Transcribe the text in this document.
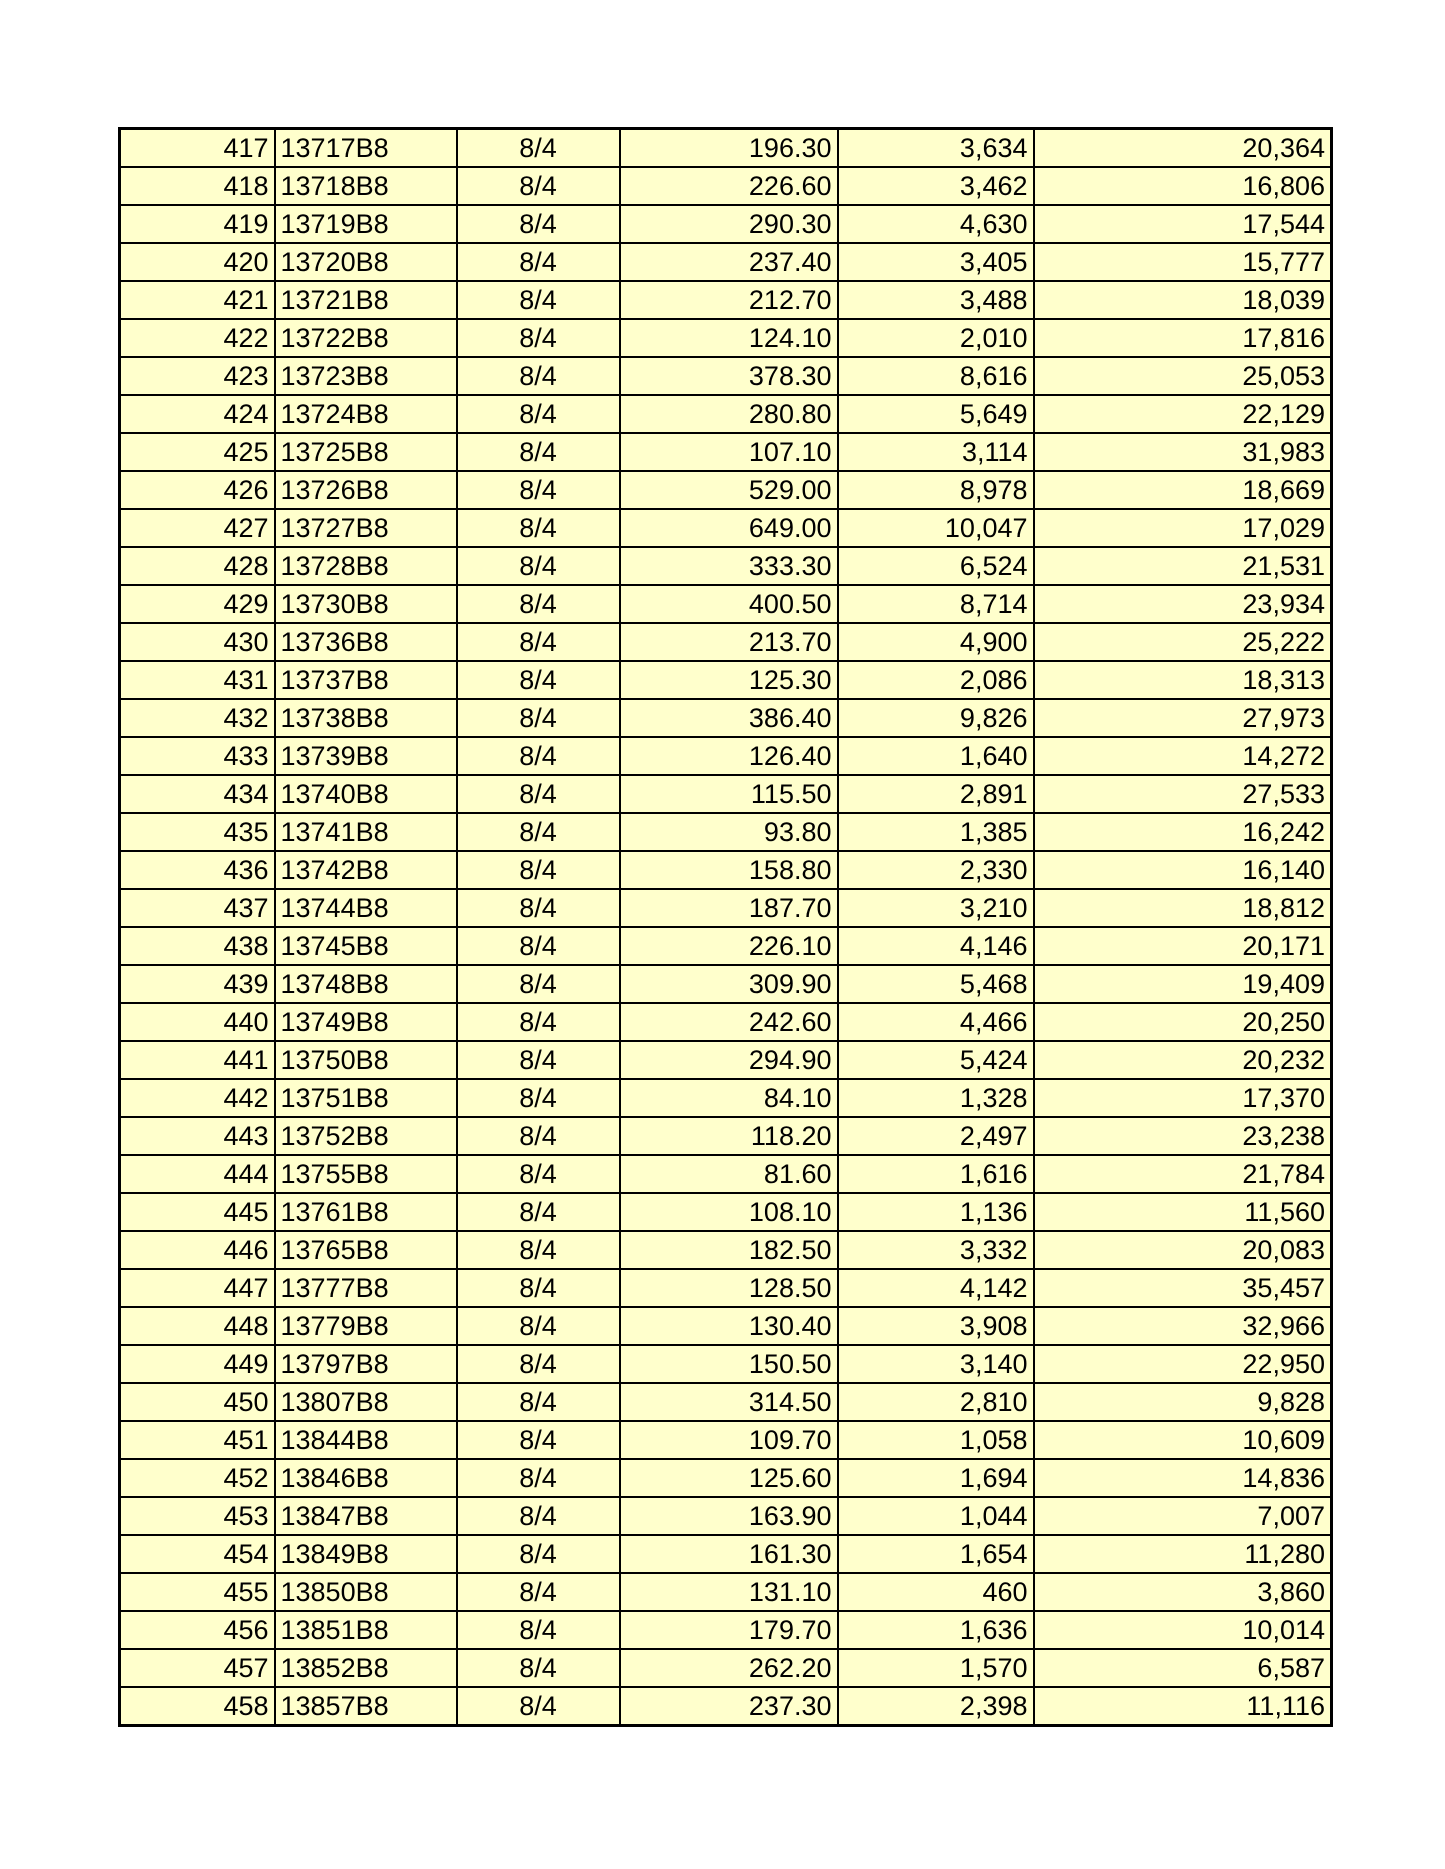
417	13717B8	8/4	196.30	3,634	20,364
418	13718B8	8/4	226.60	3,462	16,806
419	13719B8	8/4	290.30	4,630	17,544
420	13720B8	8/4	237.40	3,405	15,777
421	13721B8	8/4	212.70	3,488	18,039
422	13722B8	8/4	124.10	2,010	17,816
423	13723B8	8/4	378.30	8,616	25,053
424	13724B8	8/4	280.80	5,649	22,129
425	13725B8	8/4	107.10	3,114	31,983
426	13726B8	8/4	529.00	8,978	18,669
427	13727B8	8/4	649.00	10,047	17,029
428	13728B8	8/4	333.30	6,524	21,531
429	13730B8	8/4	400.50	8,714	23,934
430	13736B8	8/4	213.70	4,900	25,222
431	13737B8	8/4	125.30	2,086	18,313
432	13738B8	8/4	386.40	9,826	27,973
433	13739B8	8/4	126.40	1,640	14,272
434	13740B8	8/4	115.50	2,891	27,533
435	13741B8	8/4	93.80	1,385	16,242
436	13742B8	8/4	158.80	2,330	16,140
437	13744B8	8/4	187.70	3,210	18,812
438	13745B8	8/4	226.10	4,146	20,171
439	13748B8	8/4	309.90	5,468	19,409
440	13749B8	8/4	242.60	4,466	20,250
441	13750B8	8/4	294.90	5,424	20,232
442	13751B8	8/4	84.10	1,328	17,370
443	13752B8	8/4	118.20	2,497	23,238
444	13755B8	8/4	81.60	1,616	21,784
445	13761B8	8/4	108.10	1,136	11,560
446	13765B8	8/4	182.50	3,332	20,083
447	13777B8	8/4	128.50	4,142	35,457
448	13779B8	8/4	130.40	3,908	32,966
449	13797B8	8/4	150.50	3,140	22,950
450	13807B8	8/4	314.50	2,810	9,828
451	13844B8	8/4	109.70	1,058	10,609
452	13846B8	8/4	125.60	1,694	14,836
453	13847B8	8/4	163.90	1,044	7,007
454	13849B8	8/4	161.30	1,654	11,280
455	13850B8	8/4	131.10	460	3,860
456	13851B8	8/4	179.70	1,636	10,014
457	13852B8	8/4	262.20	1,570	6,587
458	13857B8	8/4	237.30	2,398	11,116
